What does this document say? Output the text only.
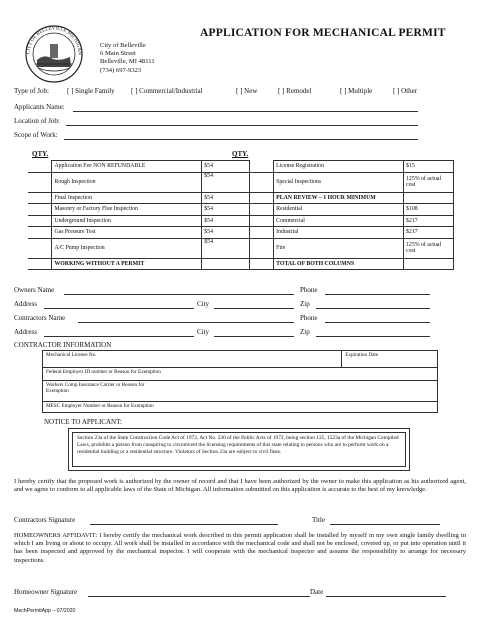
CITY OF BELLEVILLE MICHIGAN
APPLICATION FOR MECHANICAL PERMIT
City of Belleville
6 Main Street
Belleville, MI 48111
(734) 697-9323
Type of Job:	[ ] Single Family [ ] Commercial/Industrial	[ ] New	[ ] Remodel	[ ] Multiple	[ ] Other
Applicants Name:
Location of Job:
Scope of Work:
QTY.	QTY.
	Application Fee NON REFUNDABLE	$54		License Registration	$15
	Rough Inspection	$54		Special Inspections	125% of actual cost
	Final Inspection	$54		PLAN REVIEW – 1 HOUR MINIMUM	
	Masonry or Factory Flue Inspection	$54		Residential	$108
	Underground Inspection	$54		Commercial	$217
	Gas Pressure Test	$54		Industrial	$217
	A/C Pump Inspection	$54		Fire	125% of actual cost
	WORKING WITHOUT A PERMIT			TOTAL OF BOTH COLUMNS	
Owners Name	Phone
Address	City	Zip
Contractors Name	Phone
Address	City	Zip
CONTRACTOR INFORMATION
Mechanical License No.	Expiration Date
Federal Employer ID number or Reason for Exemption
Workers Comp Insurance Carrier or Reason for Exemption
MESC Employer Number or Reason for Exemption
NOTICE TO APPLICANT:
Section 23a of the State Construction Code Act of 1972, Act No. 230 of the Public Acts of 1972, being section 125, 1523a of the Michigan Compiled Laws, prohibits a person from conspiring to circumvent the licensing requirements of this state relating to persons who are to perform work on a residential building or a residential structure. Violators of Section 23a are subject to civil fines.

I hereby certify that the proposed work is authorized by the owner of record and that I have been authorized by the owner to make this application as his authorized agent, and we agree to conform to all applicable laws of the State of Michigan. All information submitted on this application is accurate to the best of my knowledge.

Contractors Signature	Title

HOMEOWNERS AFFIDAVIT: I hereby certify the mechanical work described in this permit application shall be installed by myself in my own single family dwelling in which I am living or about to occupy. All work shall be installed in accordance with the mechanical code and shall not be enclosed, covered up, or put into operation until it has been inspected and approved by the mechanical inspector. I will cooperate with the mechanical inspector and assume the responsibility to arrange for necessary inspections.

Homeowner Signature	Date
MechPermitApp – 07/2020
